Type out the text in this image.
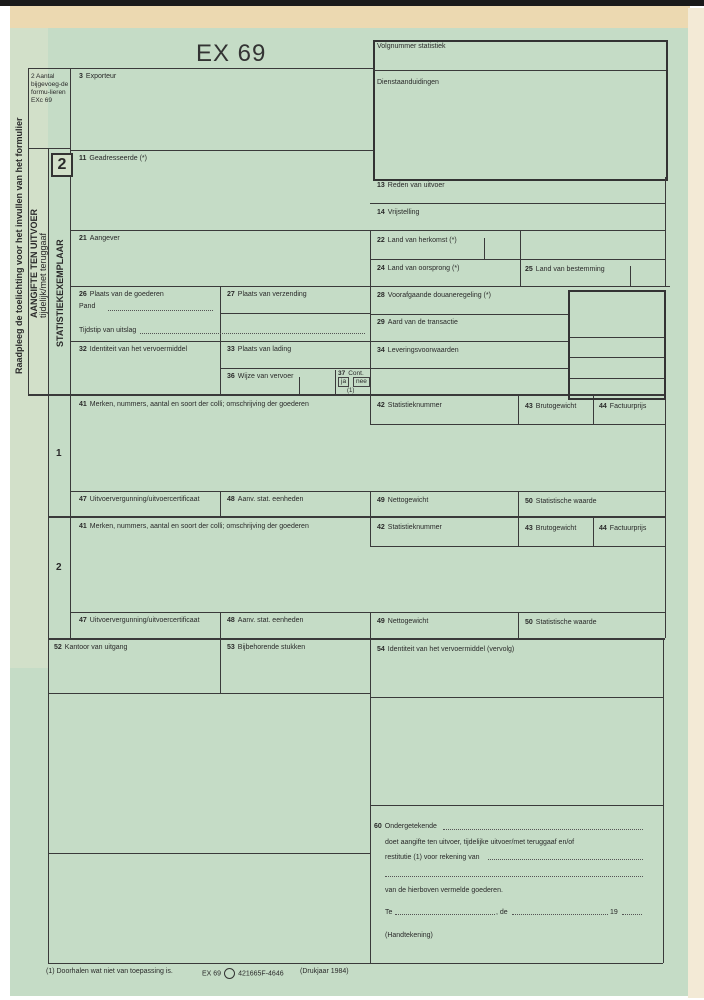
EX 69
Raadpleeg de toelichting voor het invullen van het formulier AANGIFTE TEN UITVOER tijdelijk/met teruggaaf STATISTIEKEXEMPLAAR
2
Volgnummer statistiek
Dienstaanduidingen
2 Aantal bijgevoeg-de formu-lieren EXc 69
3 Exporteur
11 Geadresseerde (*)
13 Reden van uitvoer
14 Vrijstelling
21 Aangever	22 Land van herkomst (*)
24 Land van oorsprong (*)	25 Land van bestemming
26 Plaats van de goederen
Pand
Tijdstip van uitslag
27 Plaats van verzending	28 Voorafgaande douaneregeling (*)
29 Aard van de transactie
32 Identiteit van het vervoermiddel	33 Plaats van lading	34 Leveringsvoorwaarden
36 Wijze van vervoer	37 Cont.
ja	nee
(1)
1
41 Merken, nummers, aantal en soort der colli; omschrijving der goederen	42 Statistieknummer	43 Brutogewicht	44 Factuurprijs
47 Uitvoervergunning/uitvoercertificaat	48 Aanv. stat. eenheden	49 Nettogewicht	50 Statistische waarde
2
41 Merken, nummers, aantal en soort der colli; omschrijving der goederen	42 Statistieknummer	43 Brutogewicht	44 Factuurprijs
47 Uitvoervergunning/uitvoercertificaat	48 Aanv. stat. eenheden	49 Nettogewicht	50 Statistische waarde
52 Kantoor van uitgang	53 Bijbehorende stukken	54 Identiteit van het vervoermiddel (vervolg)
60 Ondergetekende
doet aangifte ten uitvoer, tijdelijke uitvoer/met teruggaaf en/of
restitutie (1) voor rekening van
van de hierboven vermelde goederen.
Te	, de	19
(Handtekening)
(1) Doorhalen wat niet van toepassing is.	EX 69 421665F-4646 (Drukjaar 1984)
